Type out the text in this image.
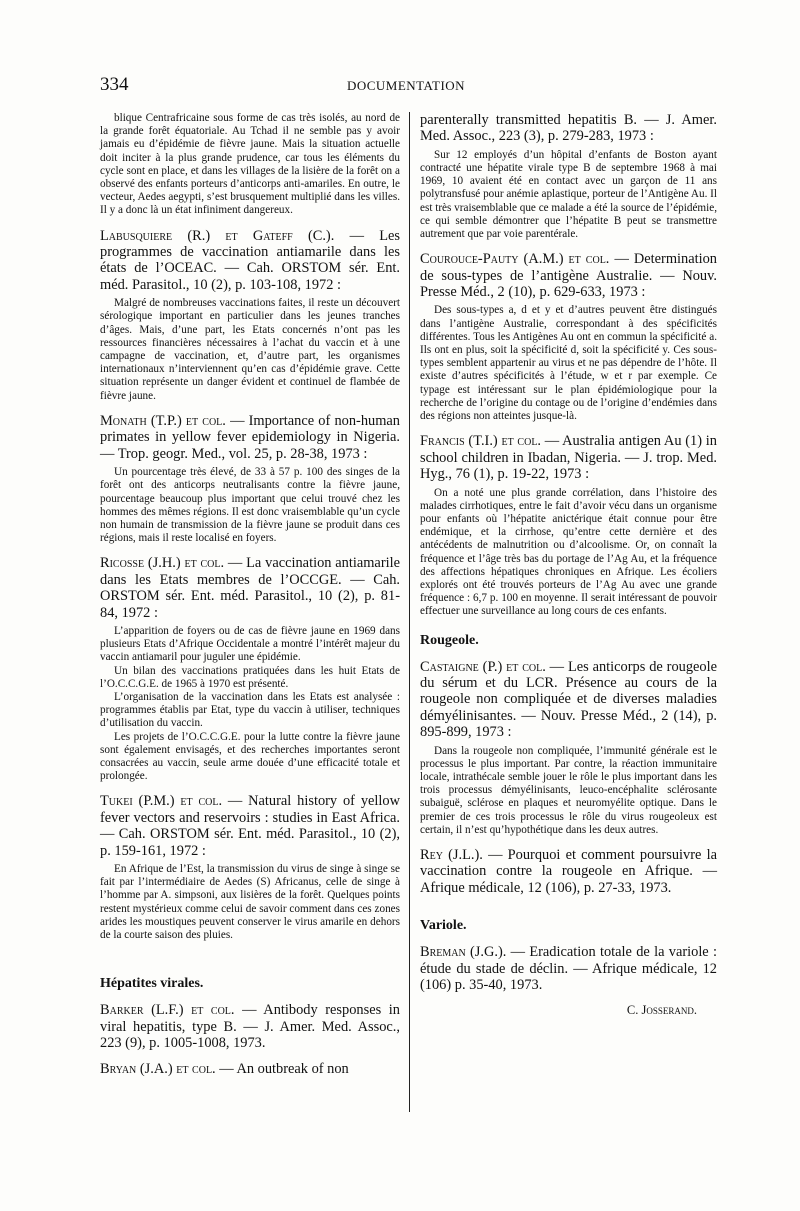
334	DOCUMENTATION

blique Centrafricaine sous forme de cas très isolés, au nord de la grande forêt équatoriale. Au Tchad il ne semble pas y avoir jamais eu d’épidémie de fièvre jaune. Mais la situation actuelle doit inciter à la plus grande prudence, car tous les éléments du cycle sont en place, et dans les villages de la lisière de la forêt on a observé des enfants porteurs d’anticorps anti-amariles. En outre, le vecteur, Aedes aegypti, s’est brusquement multiplié dans les villes. Il y a donc là un état infiniment dangereux.

Labusquiere (R.) et Gateff (C.). — Les programmes de vaccination antiamarile dans les états de l’OCEAC. — Cah. ORSTOM sér. Ent. méd. Parasitol., 10 (2), p. 103-108, 1972 :

Malgré de nombreuses vaccinations faites, il reste un découvert sérologique important en particulier dans les jeunes tranches d’âges. Mais, d’une part, les Etats concernés n’ont pas les ressources financières nécessaires à l’achat du vaccin et à une campagne de vaccination, et, d’autre part, les organismes internationaux n’interviennent qu’en cas d’épidémie grave. Cette situation représente un danger évident et continuel de flambée de fièvre jaune.

Monath (T.P.) et col. — Importance of non-human primates in yellow fever epidemiology in Nigeria. — Trop. geogr. Med., vol. 25, p. 28-38, 1973 :

Un pourcentage très élevé, de 33 à 57 p. 100 des singes de la forêt ont des anticorps neutralisants contre la fièvre jaune, pourcentage beaucoup plus important que celui trouvé chez les hommes des mêmes régions. Il est donc vraisemblable qu’un cycle non humain de transmission de la fièvre jaune se produit dans ces régions, mais il reste localisé en foyers.

Ricosse (J.H.) et col. — La vaccination antiamarile dans les Etats membres de l’OCCGE. — Cah. ORSTOM sér. Ent. méd. Parasitol., 10 (2), p. 81-84, 1972 :

L’apparition de foyers ou de cas de fièvre jaune en 1969 dans plusieurs Etats d’Afrique Occidentale a montré l’intérêt majeur du vaccin antiamaril pour juguler une épidémie.

Un bilan des vaccinations pratiquées dans les huit Etats de l’O.C.C.G.E. de 1965 à 1970 est présenté.

L’organisation de la vaccination dans les Etats est analysée : programmes établis par Etat, type du vaccin à utiliser, techniques d’utilisation du vaccin.

Les projets de l’O.C.C.G.E. pour la lutte contre la fièvre jaune sont également envisagés, et des recherches importantes seront consacrées au vaccin, seule arme douée d’une efficacité totale et prolongée.

Tukei (P.M.) et col. — Natural history of yellow fever vectors and reservoirs : studies in East Africa. — Cah. ORSTOM sér. Ent. méd. Parasitol., 10 (2), p. 159-161, 1972 :

En Afrique de l’Est, la transmission du virus de singe à singe se fait par l’intermédiaire de Aedes (S) Africanus, celle de singe à l’homme par A. simpsoni, aux lisières de la forêt. Quelques points restent mystérieux comme celui de savoir comment dans ces zones arides les moustiques peuvent conserver le virus amarile en dehors de la courte saison des pluies.

Hépatites virales.

Barker (L.F.) et col. — Antibody responses in viral hepatitis, type B. — J. Amer. Med. Assoc., 223 (9), p. 1005-1008, 1973.

Bryan (J.A.) et col. — An outbreak of non

parenterally transmitted hepatitis B. — J. Amer. Med. Assoc., 223 (3), p. 279-283, 1973 :

Sur 12 employés d’un hôpital d’enfants de Boston ayant contracté une hépatite virale type B de septembre 1968 à mai 1969, 10 avaient été en contact avec un garçon de 11 ans polytransfusé pour anémie aplastique, porteur de l’Antigène Au. Il est très vraisemblable que ce malade a été la source de l’épidémie, ce qui semble démontrer que l’hépatite B peut se transmettre autrement que par voie parentérale.

Courouce-Pauty (A.M.) et col. — Determination de sous-types de l’antigène Australie. — Nouv. Presse Méd., 2 (10), p. 629-633, 1973 :

Des sous-types a, d et y et d’autres peuvent être distingués dans l’antigène Australie, correspondant à des spécificités différentes. Tous les Antigènes Au ont en commun la spécificité a. Ils ont en plus, soit la spécificité d, soit la spécificité y. Ces sous-types semblent appartenir au virus et ne pas dépendre de l’hôte. Il existe d’autres spécificités à l’étude, w et r par exemple. Ce typage est intéressant sur le plan épidémiologique pour la recherche de l’origine du contage ou de l’origine d’endémies dans des régions non atteintes jusque-là.

Francis (T.I.) et col. — Australia antigen Au (1) in school children in Ibadan, Nigeria. — J. trop. Med. Hyg., 76 (1), p. 19-22, 1973 :

On a noté une plus grande corrélation, dans l’histoire des malades cirrhotiques, entre le fait d’avoir vécu dans un organisme pour enfants où l’hépatite anictérique était connue pour être endémique, et la cirrhose, qu’entre cette dernière et des antécédents de malnutrition ou d’alcoolisme. Or, on connaît la fréquence et l’âge très bas du portage de l’Ag Au, et la fréquence des affections hépatiques chroniques en Afrique. Les écoliers explorés ont été trouvés porteurs de l’Ag Au avec une grande fréquence : 6,7 p. 100 en moyenne. Il serait intéressant de pouvoir effectuer une surveillance au long cours de ces enfants.

Rougeole.

Castaigne (P.) et col. — Les anticorps de rougeole du sérum et du LCR. Présence au cours de la rougeole non compliquée et de diverses maladies démyélinisantes. — Nouv. Presse Méd., 2 (14), p. 895-899, 1973 :

Dans la rougeole non compliquée, l’immunité générale est le processus le plus important. Par contre, la réaction immunitaire locale, intrathécale semble jouer le rôle le plus important dans les trois processus démyélinisants, leuco-encéphalite sclérosante subaiguë, sclérose en plaques et neuromyélite optique. Dans le premier de ces trois processus le rôle du virus rougeoleux est certain, il n’est qu’hypothétique dans les deux autres.

Rey (J.L.). — Pourquoi et comment poursuivre la vaccination contre la rougeole en Afrique. — Afrique médicale, 12 (106), p. 27-33, 1973.

Variole.

Breman (J.G.). — Eradication totale de la variole : étude du stade de déclin. — Afrique médicale, 12 (106) p. 35-40, 1973.

C. Josserand.
